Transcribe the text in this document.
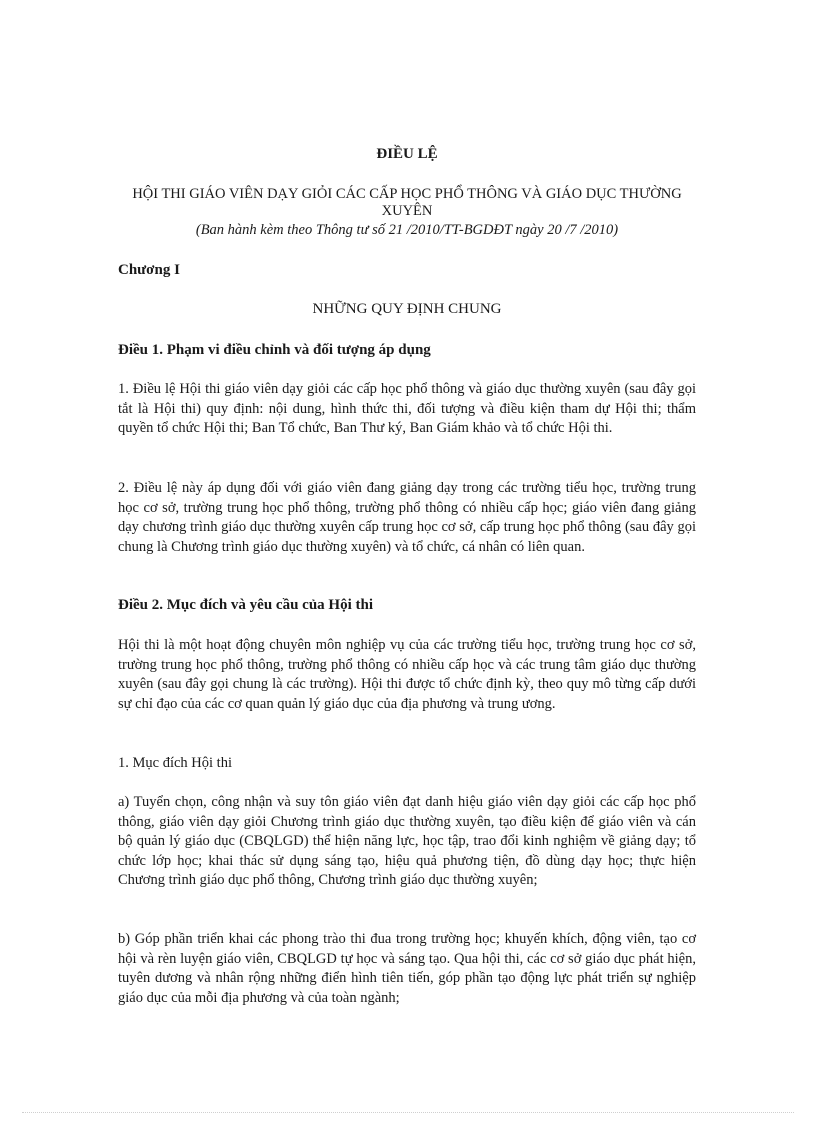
ĐIỀU LỆ
HỘI THI GIÁO VIÊN DẠY GIỎI CÁC CẤP HỌC PHỔ THÔNG VÀ GIÁO DỤC THƯỜNG XUYÊN
(Ban hành kèm theo Thông tư số 21 /2010/TT-BGDĐT ngày 20 /7 /2010)
Chương I
NHỮNG QUY ĐỊNH CHUNG
Điều 1. Phạm vi điều chỉnh và đối tượng áp dụng
1. Điều lệ Hội thi giáo viên dạy giỏi các cấp học phổ thông và giáo dục thường xuyên (sau đây gọi tắt là Hội thi) quy định: nội dung, hình thức thi, đối tượng và điều kiện tham dự Hội thi; thẩm quyền tổ chức Hội thi; Ban Tổ chức, Ban Thư ký, Ban Giám khảo và tổ chức Hội thi.
2. Điều lệ này áp dụng đối với giáo viên đang giảng dạy trong các trường tiểu học, trường trung học cơ sở, trường trung học phổ thông, trường phổ thông có nhiều cấp học; giáo viên đang giảng dạy chương trình giáo dục thường xuyên cấp trung học cơ sở, cấp trung học phổ thông (sau đây gọi chung là Chương trình giáo dục thường xuyên) và tổ chức, cá nhân có liên quan.
Điều 2. Mục đích và yêu cầu của Hội thi
Hội thi là một hoạt động chuyên môn nghiệp vụ của các trường tiểu học, trường trung học cơ sở, trường trung học phổ thông, trường phổ thông có nhiều cấp học và các trung tâm giáo dục thường xuyên (sau đây gọi chung là các trường). Hội thi được tổ chức định kỳ, theo quy mô từng cấp dưới sự chỉ đạo của các cơ quan quản lý giáo dục của địa phương và trung ương.
1. Mục đích Hội thi
a) Tuyển chọn, công nhận và suy tôn giáo viên đạt danh hiệu giáo viên dạy giỏi các cấp học phổ thông, giáo viên dạy giỏi Chương trình giáo dục thường xuyên, tạo điều kiện để giáo viên và cán bộ quản lý giáo dục (CBQLGD) thể hiện năng lực, học tập, trao đổi kinh nghiệm về giảng dạy; tổ chức lớp học; khai thác sử dụng sáng tạo, hiệu quả phương tiện, đồ dùng dạy học; thực hiện Chương trình giáo dục phổ thông, Chương trình giáo dục thường xuyên;
b) Góp phần triển khai các phong trào thi đua trong trường học; khuyến khích, động viên, tạo cơ hội và rèn luyện giáo viên, CBQLGD tự học và sáng tạo. Qua hội thi, các cơ sở giáo dục phát hiện, tuyên dương và nhân rộng những điển hình tiên tiến, góp phần tạo động lực phát triển sự nghiệp giáo dục của mỗi địa phương và của toàn ngành;
